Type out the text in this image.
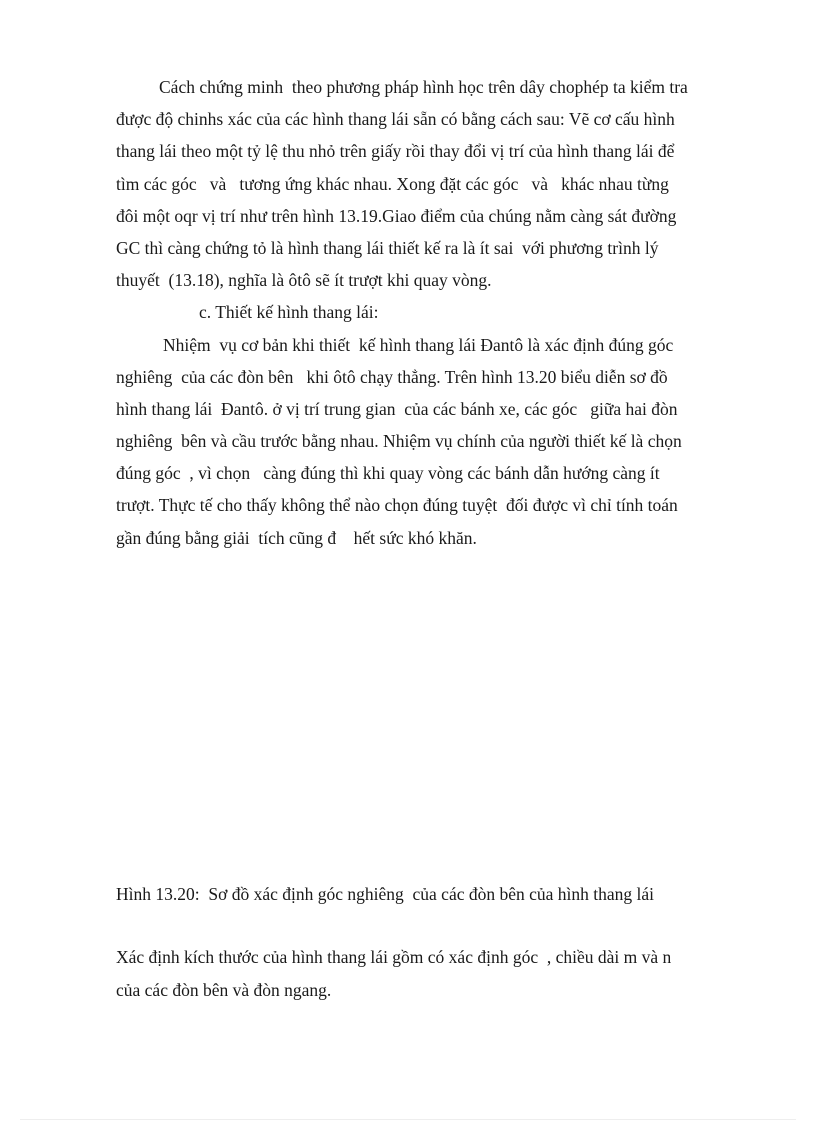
Cách chứng minh  theo phương pháp hình học trên dây chophép ta kiểm tra

được độ chinhs xác của các hình thang lái sẵn có bằng cách sau: Vẽ cơ cấu hình

thang lái theo một tỷ lệ thu nhỏ trên giấy rồi thay đổi vị trí của hình thang lái để

tìm các góc   và   tương ứng khác nhau. Xong đặt các góc   và   khác nhau từng

đôi một oqr vị trí như trên hình 13.19.Giao điểm của chúng nằm càng sát đường

GC thì càng chứng tỏ là hình thang lái thiết kế ra là ít sai  với phương trình lý

thuyết  (13.18), nghĩa là ôtô sẽ ít trượt khi quay vòng.

c. Thiết kế hình thang lái:

Nhiệm  vụ cơ bản khi thiết  kế hình thang lái Đantô là xác định đúng góc

nghiêng  của các đòn bên   khi ôtô chạy thẳng. Trên hình 13.20 biểu diễn sơ đồ

hình thang lái  Đantô. ở vị trí trung gian  của các bánh xe, các góc   giữa hai đòn

nghiêng  bên và cầu trước bằng nhau. Nhiệm vụ chính của người thiết kế là chọn

đúng góc  , vì chọn   càng đúng thì khi quay vòng các bánh dẫn hướng càng ít

trượt. Thực tế cho thấy không thể nào chọn đúng tuyệt  đối được vì chỉ tính toán

gần đúng bằng giải  tích cũng đ    hết sức khó khăn.

Hình 13.20:  Sơ đồ xác định góc nghiêng  của các đòn bên của hình thang lái

Xác định kích thước của hình thang lái gồm có xác định góc  , chiều dài m và n

của các đòn bên và đòn ngang.
